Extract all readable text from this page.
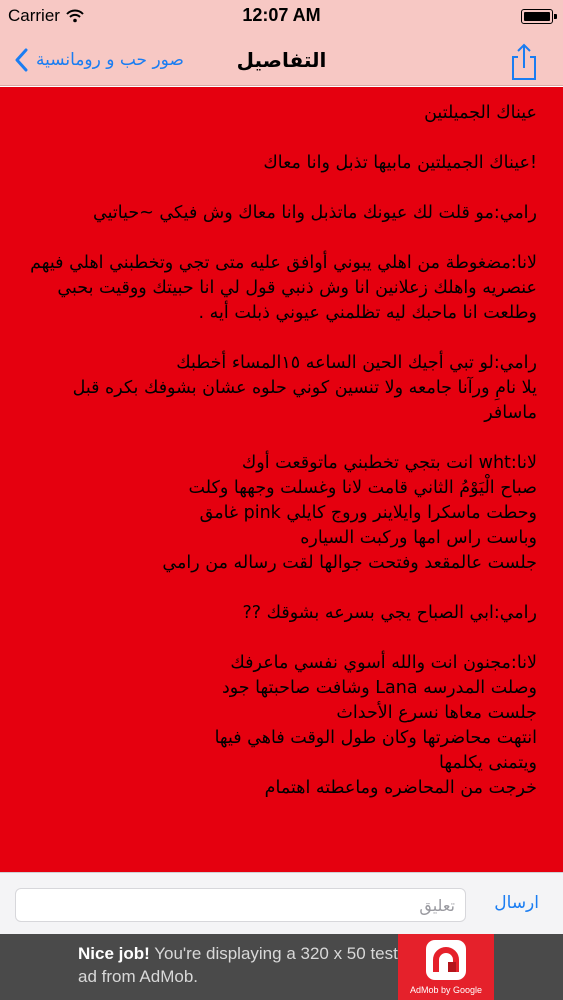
Carrier	12:07 AM
صور حب و رومانسية	التفاصيل
عيناك الجميلتين

!عيناك الجميلتين مابيها تذبل وانا معاك

رامي:مو قلت لك عيونك ماتذبل وانا معاك وش فيكي ~حياتيي

لانا:مضغوطة من اهلي يبوني أوافق عليه متى تجي وتخطبني اهلي فيهم عنصريه واهلك زعلانين انا وش ذنبي قول لي انا حبيتك ووقيت بحبي وطلعت انا ماحبك ليه تظلمني عيوني ذبلت أيه .

رامي:لو تبي أجيك الحين الساعه ١٥المساء أخطبك
يلا نامِ ورآنا جامعه ولا تنسين كوني حلوه عشان بشوفك بكره قبل ماسافر

لانا:wht انت بتجي تخطبني ماتوقعت أوك
صباح الْيَوْمُ الثاني قامت لانا وغسلت وجهها وكلت
وحطت ماسكرا وايلاينر وروج كايلي pink غامق
وباست راس امها وركبت السياره
جلست عالمقعد وفتحت جوالها لقت رساله من رامي

رامي:ابي الصباح يجي بسرعه بشوقك ??

لانا:مجنون انت والله أسوي نفسي ماعرفك
وصلت المدرسه Lana وشافت صاحبتها جود
جلست معاها نسرع الأحداث
انتهت محاضرتها وكان طول الوقت فاهي فيها
ويتمنى يكلمها
خرجت من المحاضره وماعطته اهتمام
تعليق
ارسال
Nice job! You're displaying a 320 x 50 test ad from AdMob.
AdMob by Google
